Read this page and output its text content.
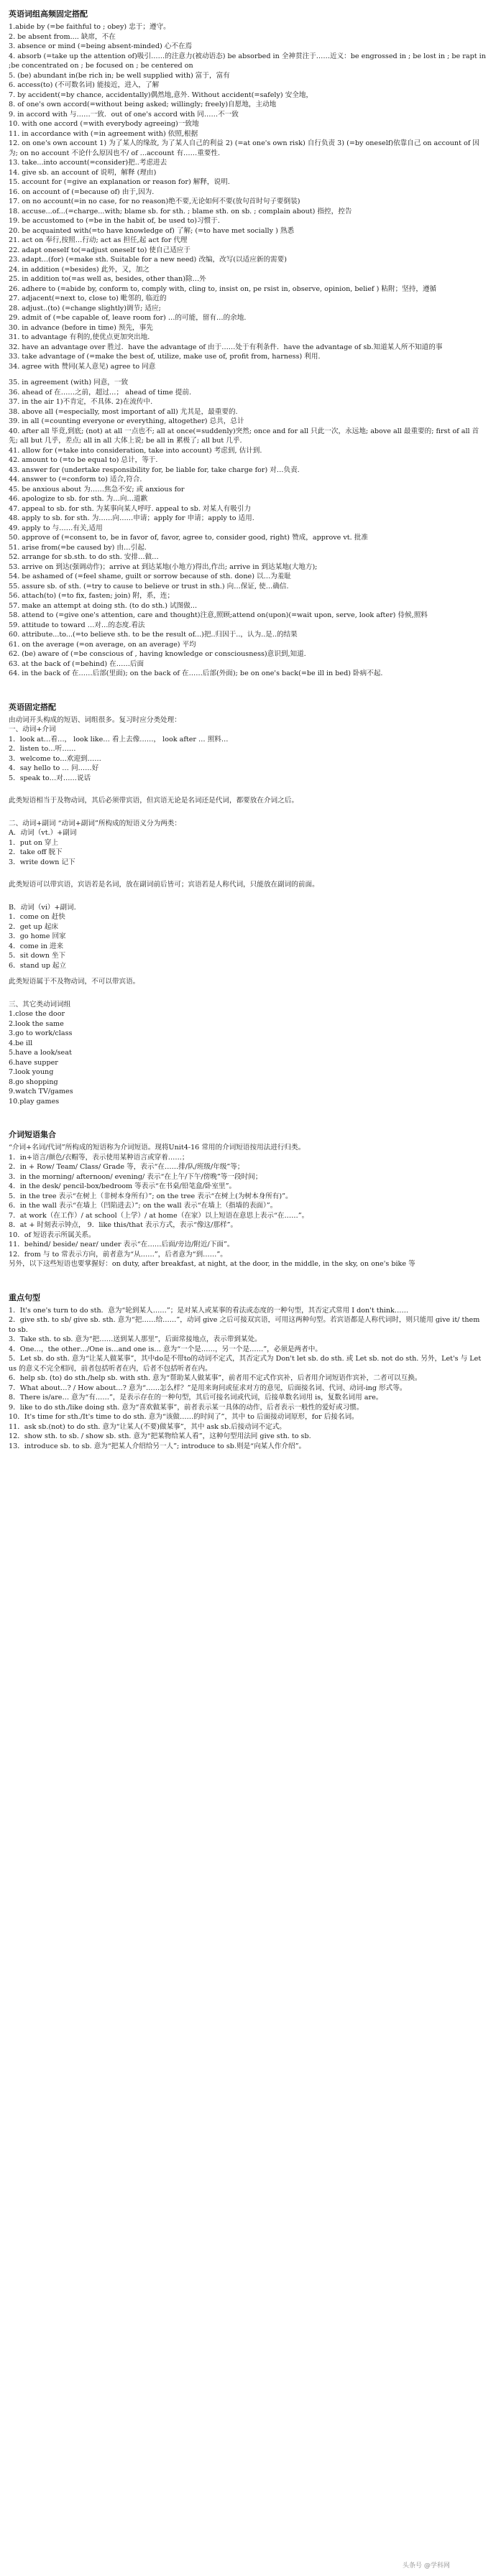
英语词组高频固定搭配

1.abide by (=be faithful to ; obey) 忠于；遵守。

2. be absent from.... 缺席，不在

3. absence or mind (=being absent-minded) 心不在焉

4. absorb (=take up the attention of)吸引……的注意力(被动语态) be absorbed in 全神贯注于……近义：be engrossed in ; be lost in ; be rapt in ;be concentrated on ; be focused on ; be centered on

5. (be) abundant in(be rich in; be well supplied with) 富于，富有

6. access(to) (不可数名词) 能接近，进入，了解

7. by accident(=by chance, accidentally)偶然地,意外. Without accident(=safely) 安全地，

8. of one's own accord(=without being asked; willingly; freely)自愿地，主动地

9. in accord with 与……一致．out of one's accord with 同……不一致

10. with one accord (=with everybody agreeing)一致地

11. in accordance with (=in agreement with) 依照,根据

12. on one's own account 1) 为了某人的缘故, 为了某人自己的利益 2) (=at one's own risk) 自行负责 3) (=by oneself)依靠自己 on account of 因为; on no account 不论什么原因也不/ of ...account 有……重要性.

13. take...into account(=consider)把..考虑进去

14. give sb. an account of 说明，解释 (理由)

15. account for (=give an explanation or reason for) 解释，说明.

16. on account of (=because of) 由于,因为.

17. on no account(=in no case, for no reason)绝不要,无论如何不要(放句首时句子要倒装)

18. accuse...of...(=charge...with; blame sb. for sth. ; blame sth. on sb. ; complain about) 指控，控告

19. be accustomed to (=be in the habit of, be used to)习惯于.

20. be acquainted with(=to have knowledge of) 了解; (=to have met socially ) 熟悉

21. act on 奉行,按照…行动; act as 担任,起 act for 代理

22. adapt oneself to(=adjust oneself to) 使自己适应于

23. adapt...(for) (=make sth. Suitable for a new need) 改编，改写(以适应新的需要)

24. in addition (=besides) 此外，又，加之

25. in addition to(=as well as, besides, other than)除…外

26. adhere to (=abide by, conform to, comply with, cling to, insist on, pe rsist in, observe, opinion, belief ) 粘附；坚持，遵循

27. adjacent(=next to, close to) 毗邻的, 临近的

28. adjust..(to) (=change slightly)调节; 适应;

29. admit of (=be capable of, leave room for) …的可能，留有…的余地.

30. in advance (before in time) 预先，事先

31. to advantage 有利的,使优点更加突出地.

32. have an advantage over 胜过．have the advantage of 由于……处于有利条件．have the advantage of sb.知道某人所不知道的事

33. take advantage of (=make the best of, utilize, make use of, profit from, harness) 利用.

34. agree with 赞同(某人意见) agree to 同意

35. in agreement (with) 同意，一致

36. ahead of 在……之前，超过…； ahead of time 提前.

37. in the air 1)不肯定，不具体. 2)在流传中.

38. above all (=especially, most important of all) 尤其是，最重要的.

39. in all (=counting everyone or everything, altogether) 总共，总计

40. after all 毕竟,到底; (not) at all 一点也不; all at once(=suddenly)突然; once and for all 只此一次，永远地; above all 最重要的; first of all 首先; all but 几乎，差点; all in all 大体上说; be all in 累极了; all but 几乎.

41. allow for (=take into consideration, take into account) 考虑到, 估计到.

42. amount to (=to be equal to) 总计，等于.

43. answer for (undertake responsibility for, be liable for, take charge for) 对…负责.

44. answer to (=conform to) 适合,符合.

45. be anxious about 为……焦急不安; 或 anxious for

46. apologize to sb. for sth. 为…向…道歉

47. appeal to sb. for sth. 为某事向某人呼吁. appeal to sb. 对某人有吸引力

48. apply to sb. for sth. 为……向……申请；apply for 申请；apply to 适用.

49. apply to 与……有关,适用

50. approve of (=consent to, be in favor of, favor, agree to, consider good, right) 赞成，approve vt. 批准

51. arise from(=be caused by) 由…引起.

52. arrange for sb.sth. to do sth. 安排…做…

53. arrive on 到达(强调动作)；arrive at 到达某地(小地方)得出,作出; arrive in 到达某地(大地方);

54. be ashamed of (=feel shame, guilt or sorrow because of sth. done) 以…为羞耻

55. assure sb. of sth. (=try to cause to believe or trust in sth.) 向…保证, 使…确信.

56. attach(to) (=to fix, fasten; join) 附，系，连；

57. make an attempt at doing sth. (to do sth.) 试图做...

58. attend to (=give one's attention, care and thought)注意,照顾;attend on(upon)(=wait upon, serve, look after) 侍候,照料

59. attitude to toward …对…的态度.看法

60. attribute...to...(=to believe sth. to be the result of...)把..归因于..，认为..是..的结果

61. on the average (=on average, on an average) 平均

62. (be) aware of (=be conscious of , having knowledge or consciousness)意识到,知道.

63. at the back of (=behind) 在……后面

64. in the back of 在……后部(里面); on the back of 在……后部(外面); be on one's back(=be ill in bed) 卧病不起.

英语固定搭配

由动词开头构成的短语、词组很多。复习时应分类处理：

一、动词+介词

1．look at…看…， look like… 看上去像……， look after … 照料…

2．listen to…听……

3．welcome to…欢迎到……

4．say hello to … 问……好

5．speak to…对……说话

此类短语相当于及物动词，其后必须带宾语，但宾语无论是名词还是代词，都要放在介词之后。

二、动词+副词 “动词+副词”所构成的短语义分为两类：

A．动词（vt.）+副词

1．put on 穿上

2．take off 脱下

3．write down 记下

此类短语可以带宾语，宾语若是名词，放在副词前后皆可；宾语若是人称代词，只能放在副词的前面。

B．动词（vi）+副词．

1．come on 赶快

2．get up 起床

3．go home 回家

4．come in 进来

5．sit down 坐下

6．stand up 起立

此类短语属于不及物动词，不可以带宾语。

三、其它类动词词组

1.close the door

2.look the same

3.go to work/class

4.be ill

5.have a look/seat

6.have supper

7.look young

8.go shopping

9.watch TV/games

10.play games

介词短语集合

“介词+名词/代词”所构成的短语称为介词短语。现将Unit4-16 常用的介词短语按用法进行归类。

1．in+语言/颜色/衣帽等，表示使用某种语言或穿着……；

2．in + Row/ Team/ Class/ Grade 等，表示“在……排/队/班级/年级”等；

3．in the morning/ afternoon/ evening/ 表示“在上午/下午/傍晚”等一段时间；

4．in the desk/ pencil-box/bedroom 等表示“在书桌/铅笔盒/卧室里”。

5．in the tree 表示“在树上（非树本身所有）”; on the tree 表示“在树上(为树本身所有)”。

6．in the wall 表示“在墙上（凹陷进去）”; on the wall 表示“在墙上（指墙的表面）”。

7．at work（在工作）/ at school（上学）/ at home（在家）以上短语在意思上表示“在……”。

8．at + 时刻表示钟点， 9．like this/that 表示方式，表示“像这/那样”。

10．of 短语表示所属关系。

11．behind/ beside/ near/ under 表示“在……后面/旁边/附近/下面”。

12．from 与 to 常表示方向，前者意为“从……”，后者意为“到……”。

另外，以下这些短语也要掌握好：on duty, after breakfast, at night, at the door, in the middle, in the sky, on one's bike 等

重点句型

1．It's one's turn to do sth．意为“轮到某人……”；是对某人或某事的看法或态度的一种句型，其否定式常用 I don't think……

2．give sth. to sb/ give sb. sth. 意为“把……给……”，动词 give 之后可接双宾语，可用这两种句型。若宾语都是人称代词时，则只能用 give it/ them to sb.

3．Take sth. to sb. 意为“把……送到某人那里”，后面常接地点，表示带到某处。

4．One…，the other…/One is…and one is… 意为“一个是……，另一个是……”，必须是两者中。

5．Let sb. do sth. 意为“让某人做某事”，其中do是不带to的动词不定式，其否定式为 Don't let sb. do sth. 或 Let sb. not do sth. 另外，Let's 与 Let us 的意义不完全相同，前者包括听者在内，后者不包括听者在内。

6．help sb. (to) do sth./help sb. with sth. 意为“帮助某人做某事”，前者用不定式作宾补，后者用介词短语作宾补，二者可以互换。

7．What about…? / How about…? 意为“……怎么样？”是用来询问或征求对方的意见，后面接名词、代词、动词-ing 形式等。

8．There is/are… 意为“有……”，是表示存在的一种句型，其后可接名词或代词，后接单数名词用 is，复数名词用 are。

9．like to do sth./like doing sth. 意为“喜欢做某事”，前者表示某一具体的动作，后者表示一般性的爱好或习惯。

10．It's time for sth./It's time to do sth. 意为“该做……的时间了”，其中 to 后面接动词原形，for 后接名词。

11．ask sb.(not) to do sth. 意为“让某人(不要)做某事”，其中 ask sb.后接动词不定式。

12．show sth. to sb. / show sb. sth. 意为“把某物给某人看”，这种句型用法同 give sth. to sb.

13．introduce sb. to sb. 意为“把某人介绍给另一人”; introduce to sb.则是“向某人作介绍”。

头条号 @学科网
